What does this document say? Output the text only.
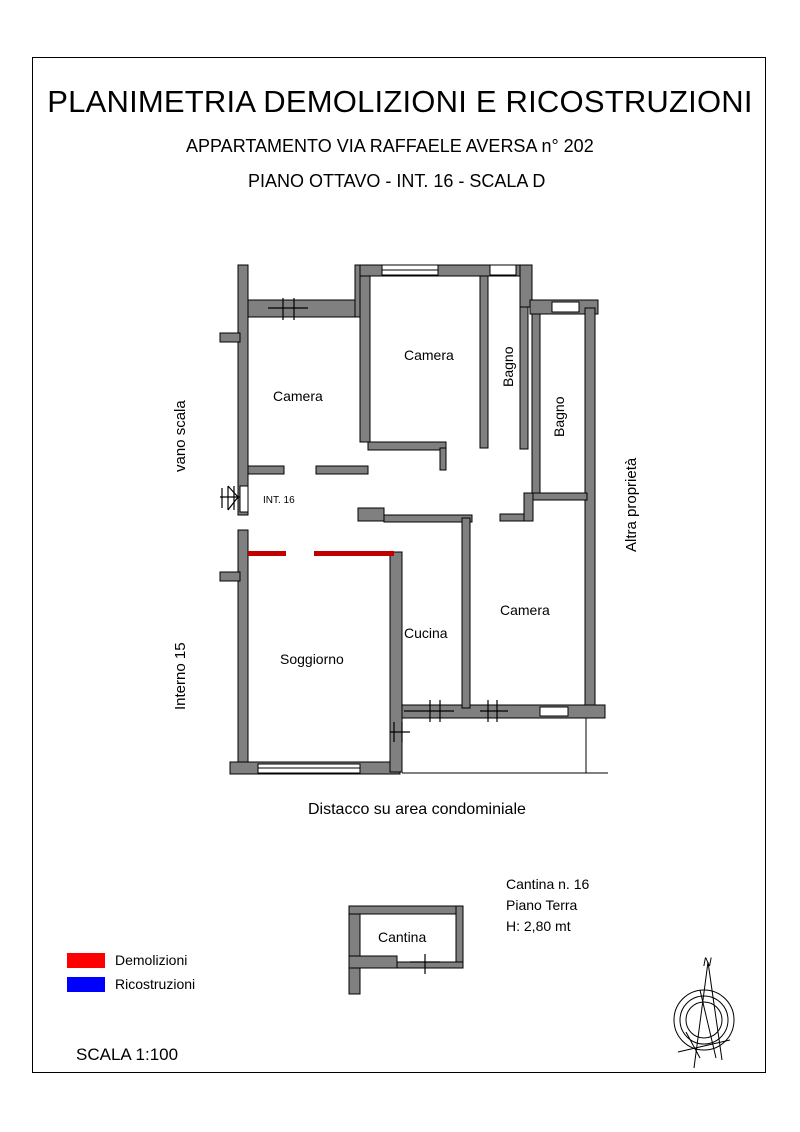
PLANIMETRIA DEMOLIZIONI E RICOSTRUZIONI
APPARTAMENTO VIA RAFFAELE AVERSA n° 202
PIANO OTTAVO - INT. 16 - SCALA D
N
Camera
Camera	Bagno
Bagno
Camera
Cucina
Soggiorno
Cantina
vano scala
Interno 15
Altra proprietà
INT. 16
Distacco su area condominiale
Cantina n. 16
Piano Terra
H: 2,80 mt
Demolizioni
Ricostruzioni
SCALA 1:100
